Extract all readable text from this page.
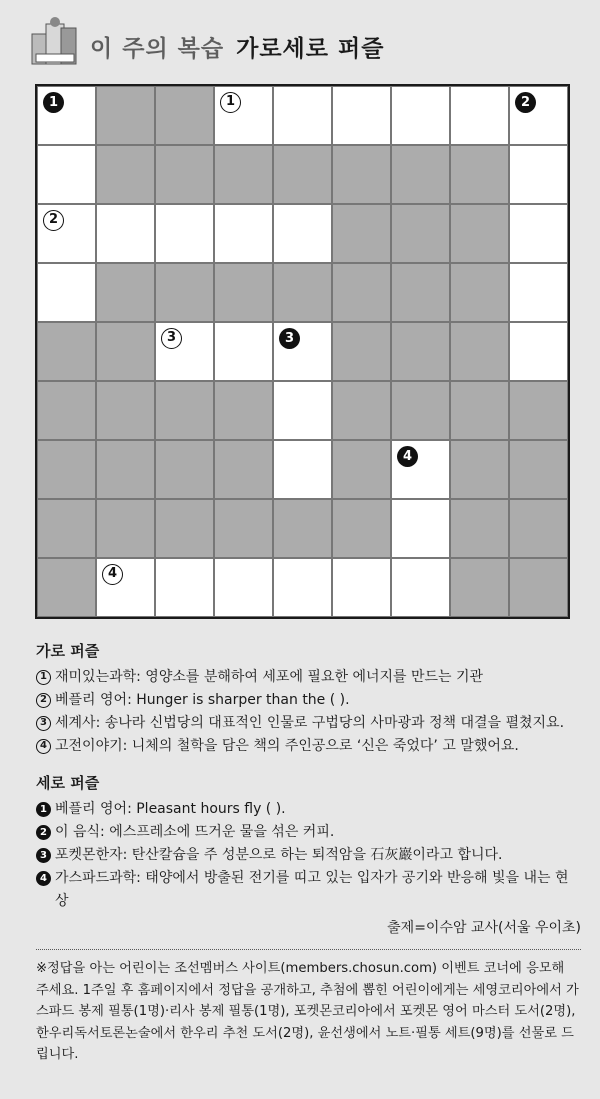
이 주의 복습 가로세로 퍼즐
1	1	2
2
3	3
4
4
가로 퍼즐
1 재미있는과학: 영양소를 분해하여 세포에 필요한 에너지를 만드는 기관
2 베플리 영어: Hunger is sharper than the ( ).
3 세계사: 송나라 신법당의 대표적인 인물로 구법당의 사마광과 정책 대결을 펼쳤지요.
4 고전이야기: 니체의 철학을 담은 책의 주인공으로 ‘신은 죽었다’ 고 말했어요.
세로 퍼즐
1 베플리 영어: Pleasant hours fly ( ).
2 이 음식: 에스프레소에 뜨거운 물을 섞은 커피.
3 포켓몬한자: 탄산칼슘을 주 성분으로 하는 퇴적암을 石灰巖이라고 합니다.
4 가스파드과학: 태양에서 방출된 전기를 띠고 있는 입자가 공기와 반응해 빛을 내는 현상
출제=이수암 교사(서울 우이초)
※정답을 아는 어린이는 조선멤버스 사이트(members.chosun.com) 이벤트 코너에 응모해 주세요. 1주일 후 홈페이지에서 정답을 공개하고, 추첨에 뽑힌 어린이에게는 세영코리아에서 가스파드 봉제 필통(1명)·리사 봉제 필통(1명), 포켓몬코리아에서 포켓몬 영어 마스터 도서(2명), 한우리독서토론논술에서 한우리 추천 도서(2명), 윤선생에서 노트·필통 세트(9명)를 선물로 드립니다.
